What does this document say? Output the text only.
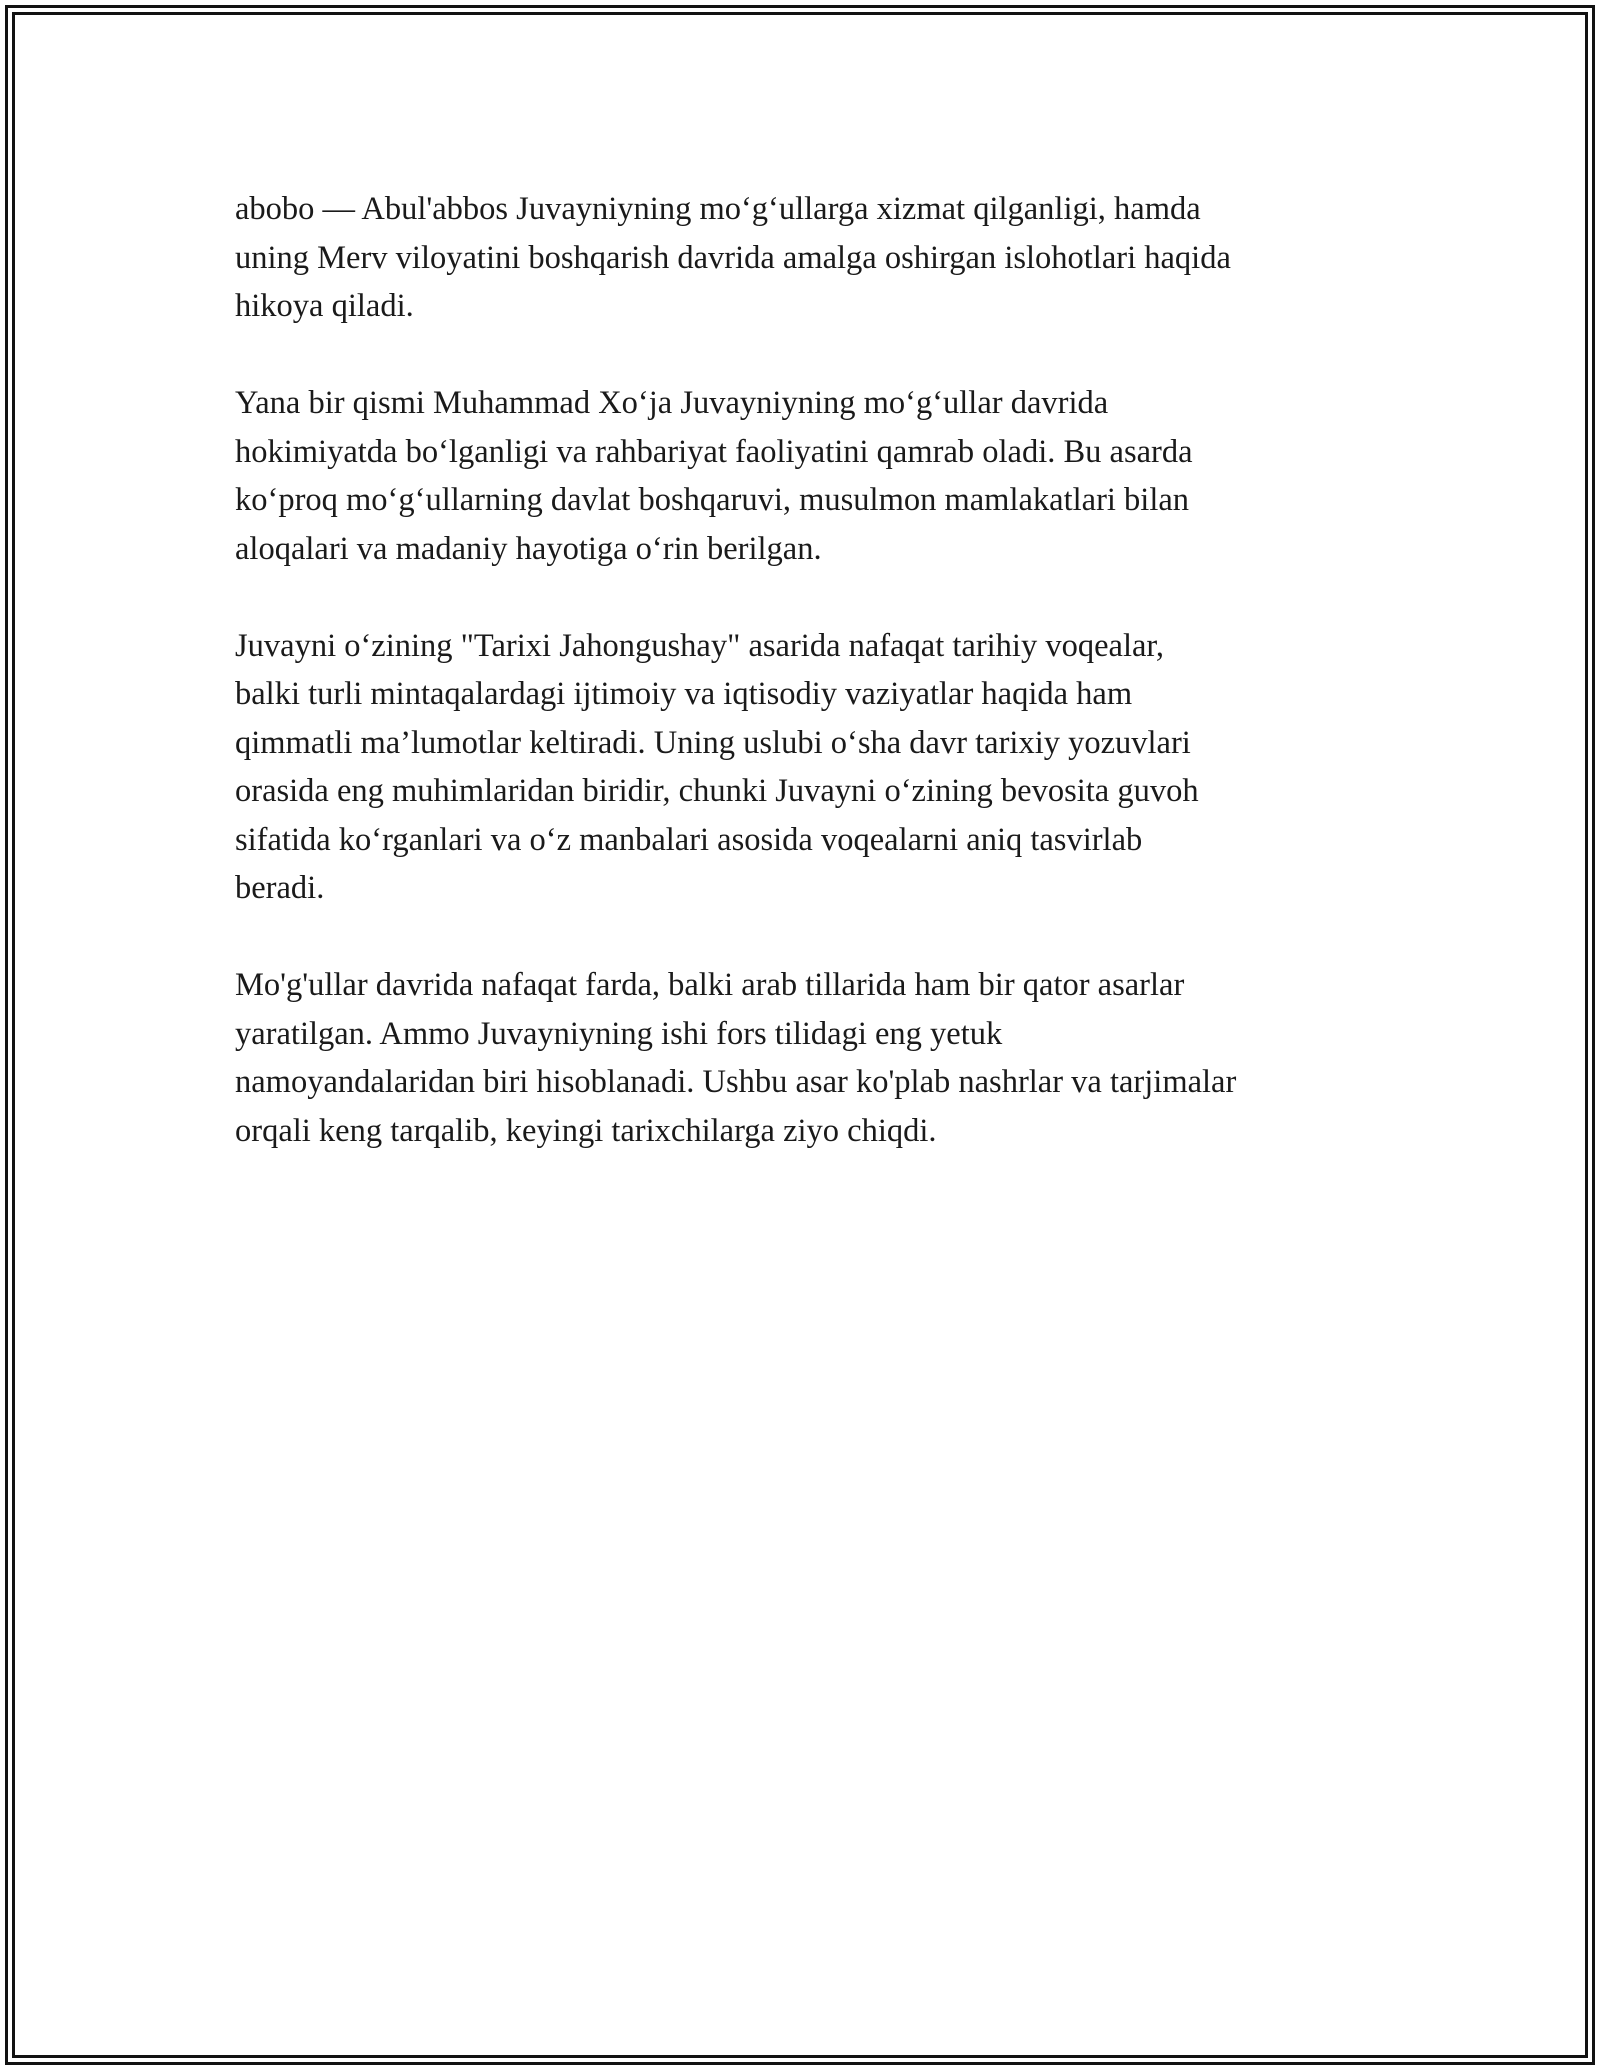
abobo — Abul'abbos Juvayniyning mo‘g‘ullarga xizmat qilganligi, hamda
uning Merv viloyatini boshqarish davrida amalga oshirgan islohotlari haqida
hikoya qiladi.

Yana bir qismi Muhammad Xo‘ja Juvayniyning mo‘g‘ullar davrida
hokimiyatda bo‘lganligi va rahbariyat faoliyatini qamrab oladi. Bu asarda
ko‘proq mo‘g‘ullarning davlat boshqaruvi, musulmon mamlakatlari bilan
aloqalari va madaniy hayotiga o‘rin berilgan.

Juvayni o‘zining "Tarixi Jahongushay" asarida nafaqat tarihiy voqealar,
balki turli mintaqalardagi ijtimoiy va iqtisodiy vaziyatlar haqida ham
qimmatli ma’lumotlar keltiradi. Uning uslubi o‘sha davr tarixiy yozuvlari
orasida eng muhimlaridan biridir, chunki Juvayni o‘zining bevosita guvoh
sifatida ko‘rganlari va o‘z manbalari asosida voqealarni aniq tasvirlab
beradi.

Mo'g'ullar davrida nafaqat farda, balki arab tillarida ham bir qator asarlar
yaratilgan. Ammo Juvayniyning ishi fors tilidagi eng yetuk
namoyandalaridan biri hisoblanadi. Ushbu asar ko'plab nashrlar va tarjimalar
orqali keng tarqalib, keyingi tarixchilarga ziyo chiqdi.
